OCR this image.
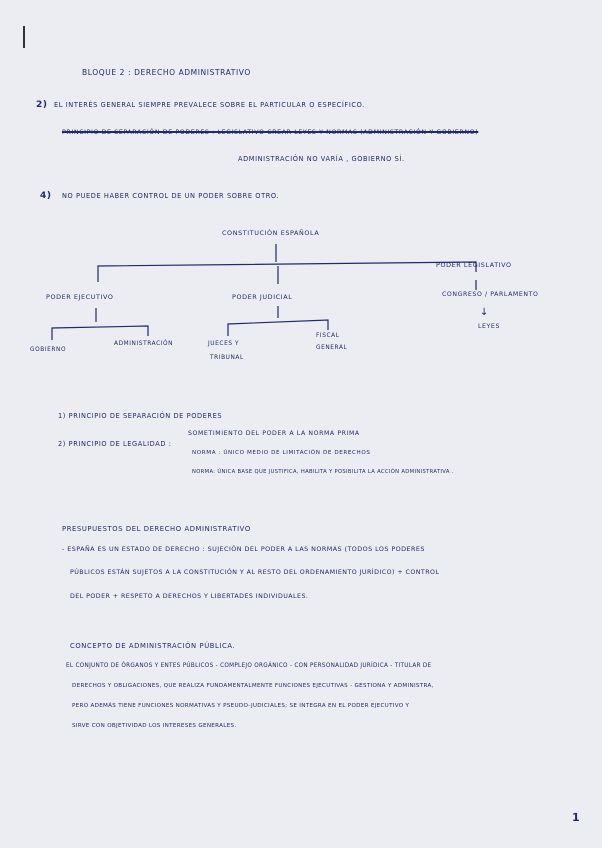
BLOQUE 2 : DERECHO ADMINISTRATIVO
2) EL INTERÉS GENERAL SIEMPRE PREVALECE SOBRE EL PARTICULAR O ESPECÍFICO.
PRINCIPIO DE SEPARACIÓN DE PODERES : LEGISLATIVO CREAR LEYES Y NORMAS (ADMINISTRACIÓN Y GOBIERNO)
ADMINISTRACIÓN NO VARÍA , GOBIERNO SÍ.
4) NO PUEDE HABER CONTROL DE UN PODER SOBRE OTRO.
CONSTITUCIÓN ESPAÑOLA
PODER EJECUTIVO	PODER JUDICIAL
PODER LEGISLATIVO
GOBIERNO
ADMINISTRACIÓN	JUECES Y
TRIBUNAL
FISCAL
GENERAL
CONGRESO / PARLAMENTO
↓
LEYES
1) PRINCIPIO DE SEPARACIÓN DE PODERES
2) PRINCIPIO DE LEGALIDAD :
SOMETIMIENTO DEL PODER A LA NORMA PRIMA
NORMA : ÚNICO MEDIO DE LIMITACIÓN DE DERECHOS
NORMA: ÚNICA BASE QUE JUSTIFICA, HABILITA Y POSIBILITA LA ACCIÓN ADMINISTRATIVA .
PRESUPUESTOS DEL DERECHO ADMINISTRATIVO
- ESPAÑA ES UN ESTADO DE DERECHO : SUJECIÓN DEL PODER A LAS NORMAS (TODOS LOS PODERES
PÚBLICOS ESTÁN SUJETOS A LA CONSTITUCIÓN Y AL RESTO DEL ORDENAMIENTO JURÍDICO) + CONTROL
DEL PODER + RESPETO A DERECHOS Y LIBERTADES INDIVIDUALES.
CONCEPTO DE ADMINISTRACIÓN PÚBLICA.
EL CONJUNTO DE ÓRGANOS Y ENTES PÚBLICOS - COMPLEJO ORGÁNICO - CON PERSONALIDAD JURÍDICA - TITULAR DE
DERECHOS Y OBLIGACIONES, QUE REALIZA FUNDAMENTALMENTE FUNCIONES EJECUTIVAS - GESTIONA Y ADMINISTRA,
PERO ADEMÁS TIENE FUNCIONES NORMATIVAS Y PSEUDO-JUDICIALES; SE INTEGRA EN EL PODER EJECUTIVO Y
SIRVE CON OBJETIVIDAD LOS INTERESES GENERALES.
1
